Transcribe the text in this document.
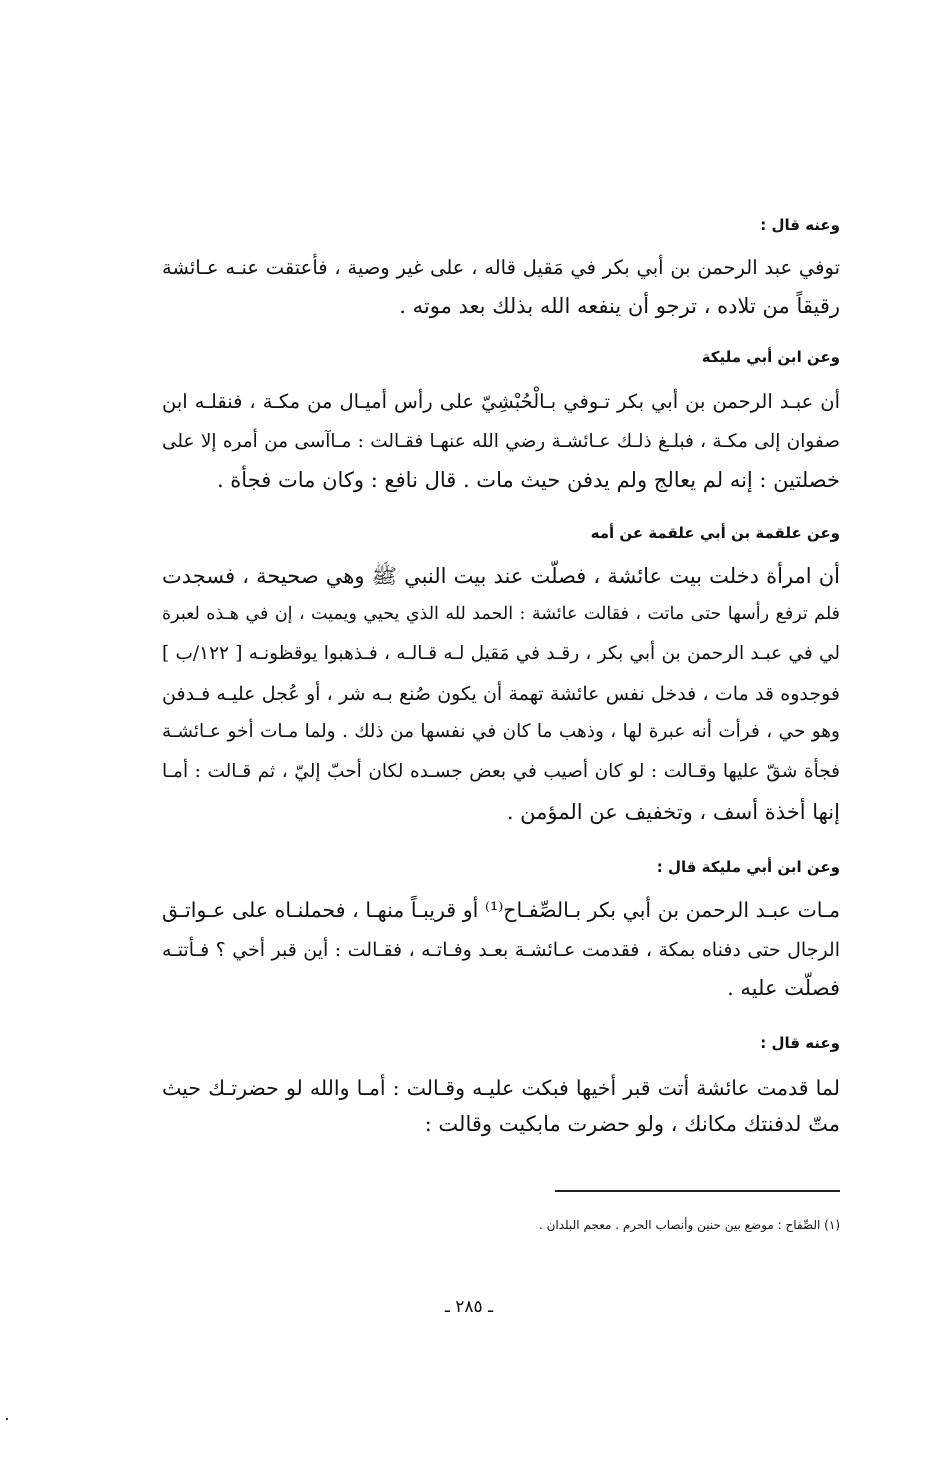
وعنه قال :
توفي عبد الرحمن بن أبي بكر في مَقيل قاله ، على غير وصية ، فأعتقت عنـه عـائشة
رقيقاً من تلاده ، ترجو أن ينفعه الله بذلك بعد موته .
وعن ابن أبي مليكة
أن عبـد الرحمن بن أبي بكر تـوفي بـالْحُبْشِيّ على رأس أميـال من مكـة ، فنقلـه ابن
صفوان إلى مكـة ، فبلـغ ذلـك عـائشـة رضي الله عنهـا فقـالت : مـاآسى من أمره إلا على
خصلتين : إنه لم يعالج ولم يدفن حيث مات . قال نافع : وكان مات فجأة .
وعن علقمة بن أبي علقمة عن أمه
أن امرأة دخلت بيت عائشة ، فصلّت عند بيت النبي ﷺ وهي صحيحة ، فسجدت
فلم ترفع رأسها حتى ماتت ، فقالت عائشة : الحمد لله الذي يحيي ويميت ، إن في هـذه لعبرة
لي في عبـد الرحمن بن أبي بكر ، رقـد في مَقيل لـه قـالـه ، فـذهبوا يوقظونـه [ ١٢٢/ب ]
فوجدوه قد مات ، فدخل نفس عائشة تهمة أن يكون صُنع بـه شر ، أو عُجل عليـه فـدفن
وهو حي ، فرأت أنه عبرة لها ، وذهب ما كان في نفسها من ذلك . ولما مـات أخو عـائشـة
فجأة شقّ عليها وقـالت : لو كان أصيب في بعض جسـده لكان أحبّ إليّ ، ثم قـالت : أمـا
إنها أخذة أسف ، وتخفيف عن المؤمن .
وعن ابن أبي مليكة قال :
مـات عبـد الرحمن بن أبي بكر بـالصِّفـاح⁽¹⁾ أو قريبـاً منهـا ، فحملنـاه على عـواتـق
الرجال حتى دفناه بمكة ، فقدمت عـائشـة بعـد وفـاتـه ، فقـالت : أين قبر أخي ؟ فـأتتـه
فصلّت عليه .
وعنه قال :
لما قدمت عائشة أتت قبر أخيها فبكت عليـه وقـالت : أمـا والله لو حضرتـك حيث
متّ لدفنتك مكانك ، ولو حضرت مابكيت وقالت :
(١) الصِّفاح : موضع بين حنين وأنصاب الحرم . معجم البلدان .
ـ ٢٨٥ ـ
